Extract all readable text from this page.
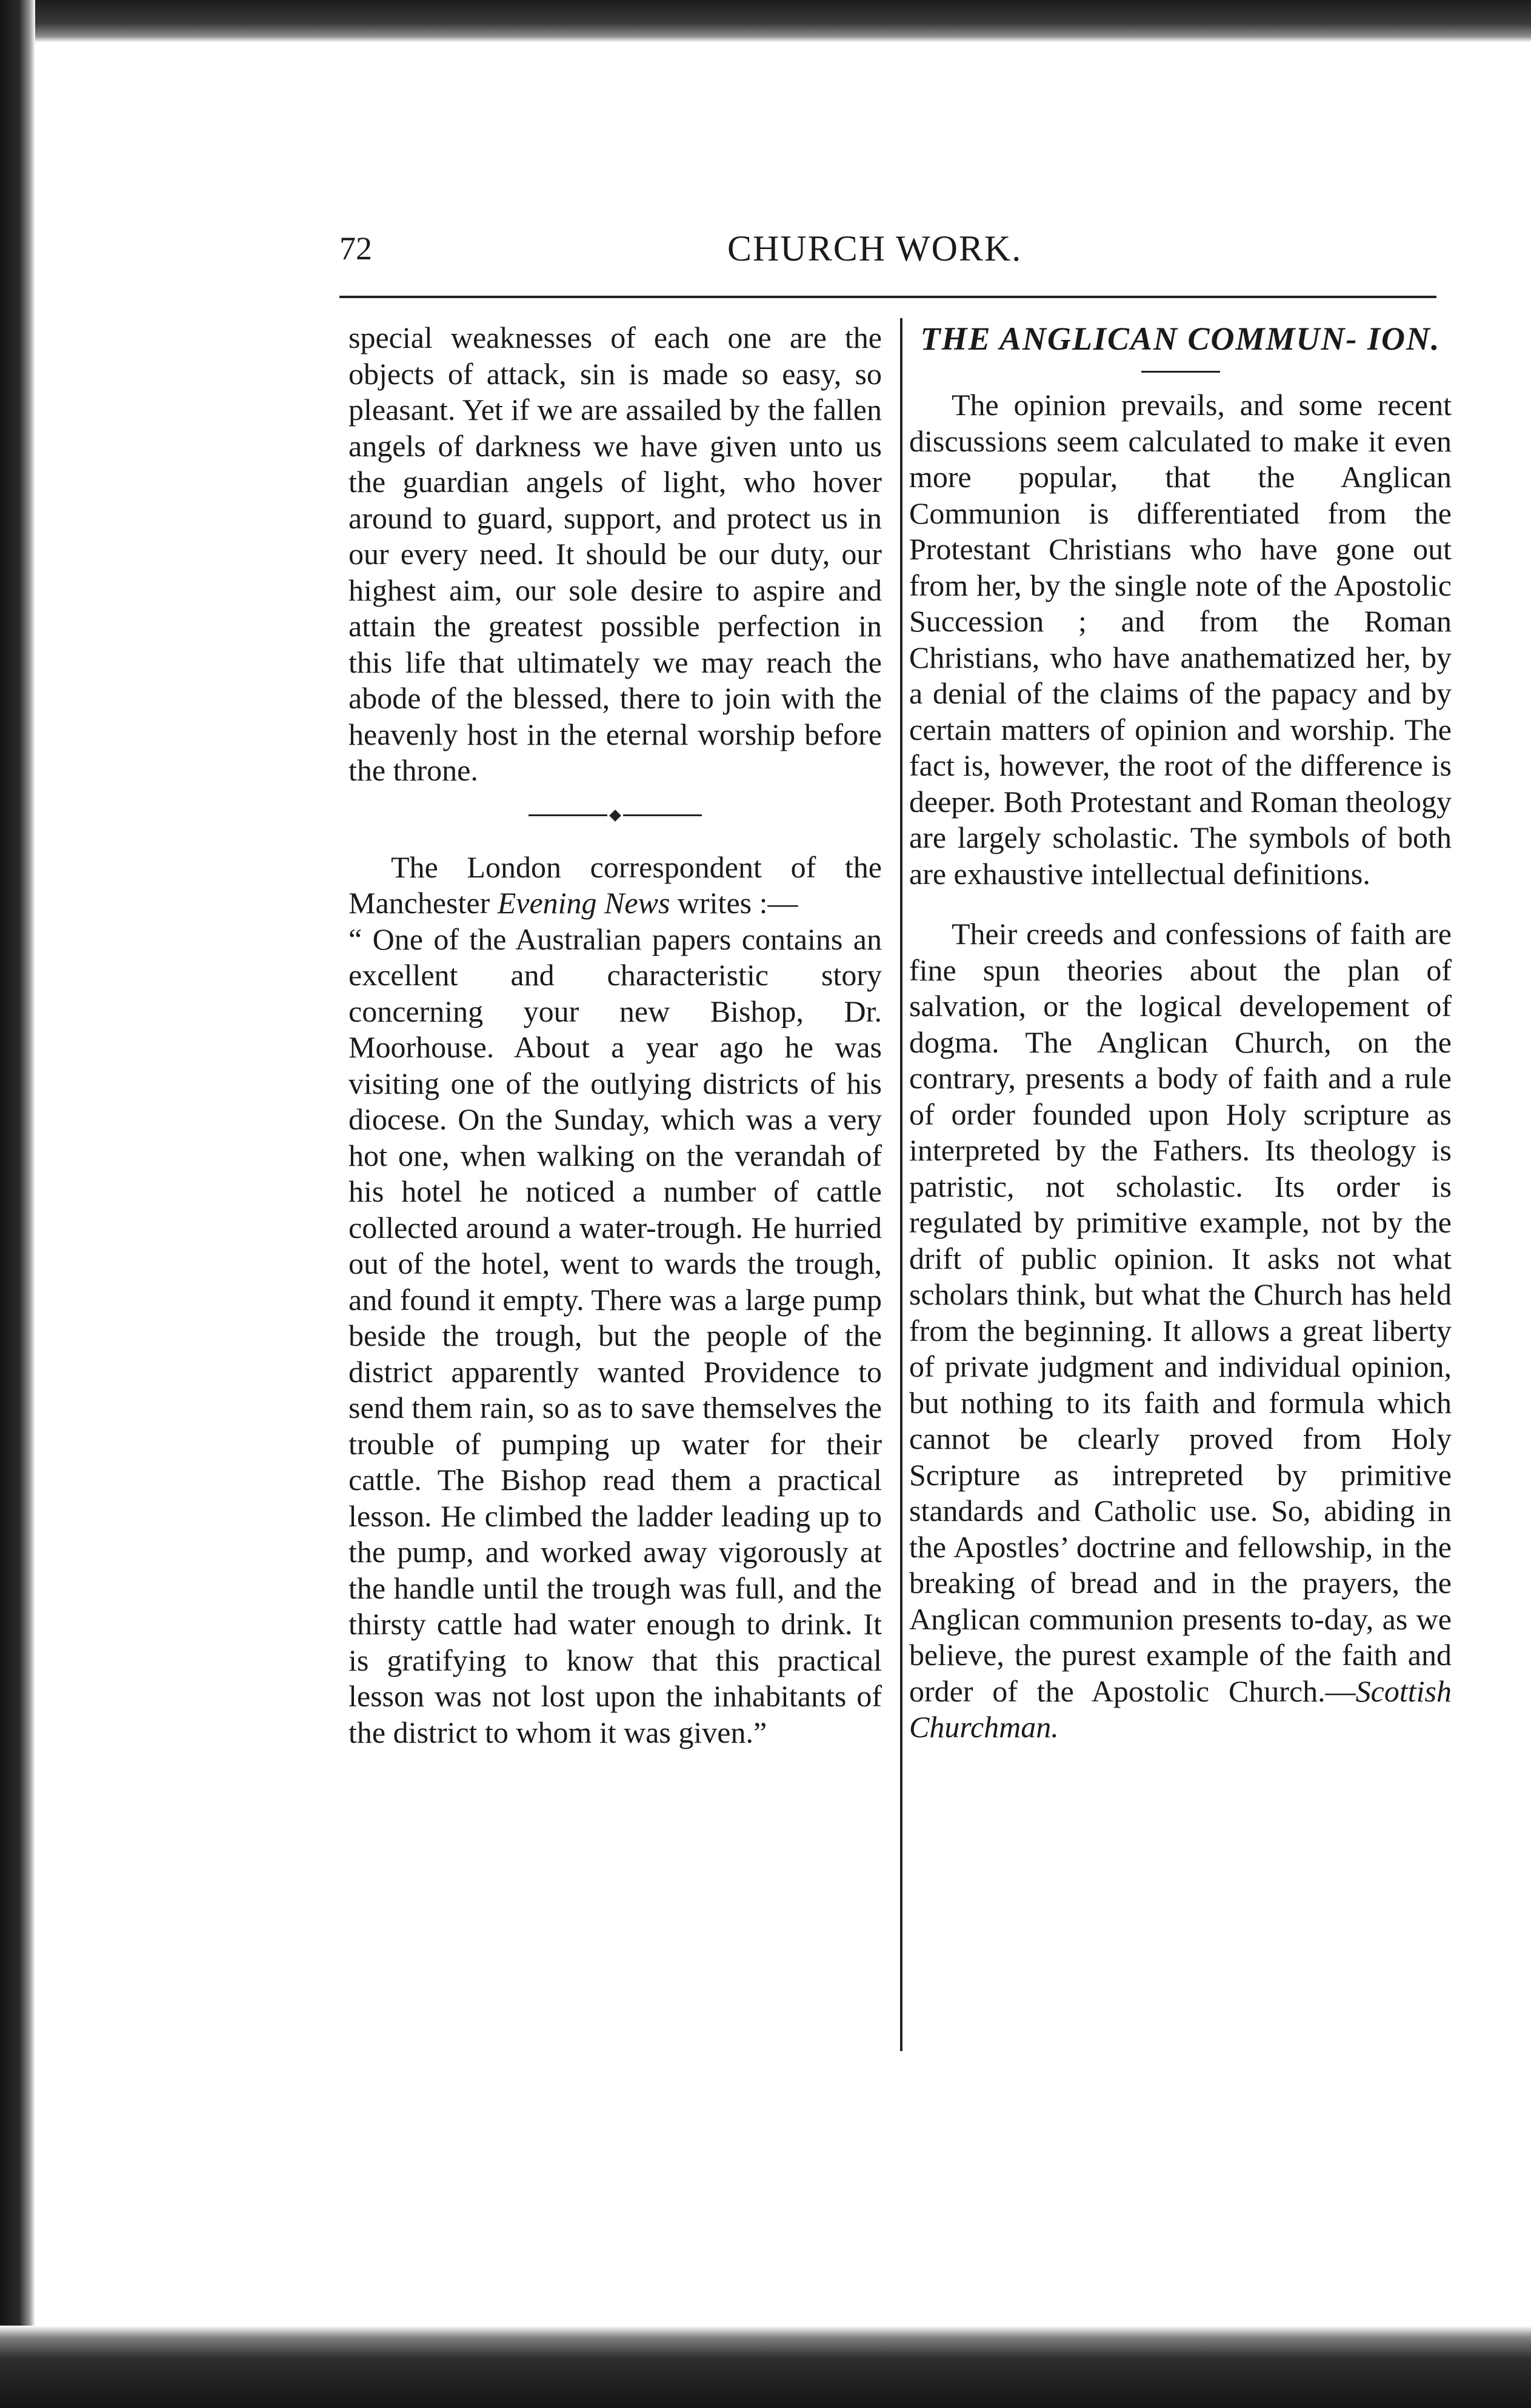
72	CHURCH WORK.

special weaknesses of each one are the objects of attack, sin is made so easy, so pleasant. Yet if we are assailed by the fallen angels of darkness we have given unto us the guardian angels of light, who hover around to guard, support, and protect us in our every need. It should be our duty, our highest aim, our sole desire to aspire and attain the greatest possible perfection in this life that ultimately we may reach the abode of the blessed, there to join with the heavenly host in the eternal worship before the throne.

The London correspondent of the Manchester Evening News writes :—

“ One of the Australian papers contains an excellent and characteristic story concerning your new Bishop, Dr. Moorhouse. About a year ago he was visiting one of the outlying districts of his diocese. On the Sunday, which was a very hot one, when walking on the verandah of his hotel he noticed a number of cattle collected around a water-trough. He hurried out of the hotel, went to wards the trough, and found it empty. There was a large pump beside the trough, but the people of the district apparently wanted Providence to send them rain, so as to save themselves the trouble of pumping up water for their cattle. The Bishop read them a practical lesson. He climbed the ladder leading up to the pump, and worked away vigorously at the handle until the trough was full, and the thirsty cattle had water enough to drink. It is gratifying to know that this practical lesson was not lost upon the inhabitants of the district to whom it was given.”

THE ANGLICAN COMMUN- ION.

The opinion prevails, and some recent discussions seem calculated to make it even more popular, that the Anglican Communion is differentiated from the Protestant Christians who have gone out from her, by the single note of the Apostolic Succession ; and from the Roman Christians, who have anathematized her, by a denial of the claims of the papacy and by certain matters of opinion and worship. The fact is, however, the root of the difference is deeper. Both Protestant and Roman theology are largely scholastic. The symbols of both are exhaustive intellectual definitions.

Their creeds and confessions of faith are fine spun theories about the plan of salvation, or the logical developement of dogma. The Anglican Church, on the contrary, presents a body of faith and a rule of order founded upon Holy scripture as interpreted by the Fathers. Its theology is patristic, not scholastic. Its order is regulated by primitive example, not by the drift of public opinion. It asks not what scholars think, but what the Church has held from the beginning. It allows a great liberty of private judgment and individual opinion, but nothing to its faith and formula which cannot be clearly proved from Holy Scripture as intrepreted by primitive standards and Catholic use. So, abiding in the Apostles’ doctrine and fellowship, in the breaking of bread and in the prayers, the Anglican communion presents to-day, as we believe, the purest example of the faith and order of the Apostolic Church.—Scottish Churchman.
